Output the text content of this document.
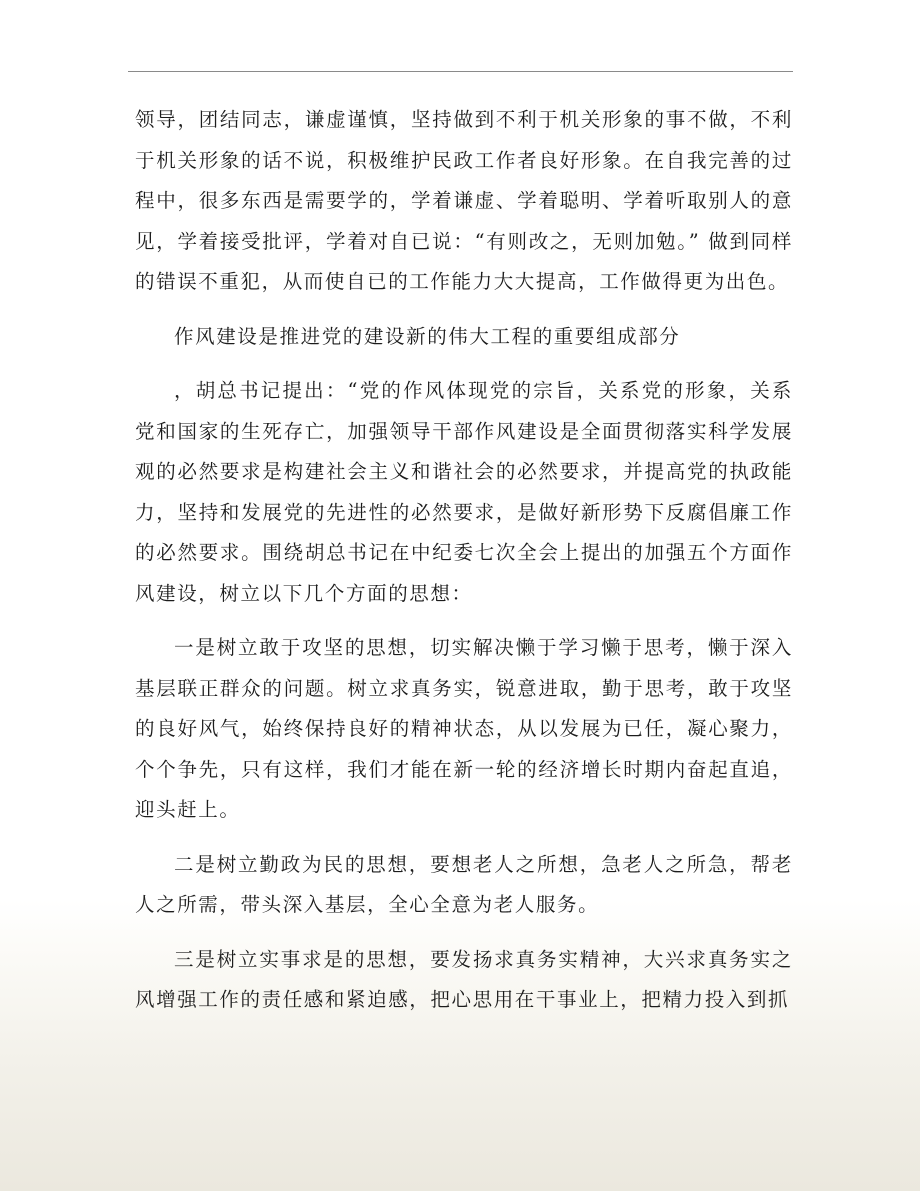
领导，团结同志，谦虚谨慎，坚持做到不利于机关形象的事不做，不利于机关形象的话不说，积极维护民政工作者良好形象。在自我完善的过程中，很多东西是需要学的，学着谦虚、学着聪明、学着听取别人的意见，学着接受批评，学着对自已说：“有则改之，无则加勉。” 做到同样的错误不重犯，从而使自已的工作能力大大提高，工作做得更为出色。

作风建设是推进党的建设新的伟大工程的重要组成部分

，胡总书记提出：“党的作风体现党的宗旨，关系党的形象，关系党和国家的生死存亡，加强领导干部作风建设是全面贯彻落实科学发展观的必然要求是构建社会主义和谐社会的必然要求，并提高党的执政能力，坚持和发展党的先进性的必然要求，是做好新形势下反腐倡廉工作的必然要求。围绕胡总书记在中纪委七次全会上提出的加强五个方面作风建设，树立以下几个方面的思想：

一是树立敢于攻坚的思想，切实解决懒于学习懒于思考，懒于深入基层联正群众的问题。树立求真务实，锐意进取，勤于思考，敢于攻坚的良好风气，始终保持良好的精神状态，从以发展为已任，凝心聚力，个个争先，只有这样，我们才能在新一轮的经济增长时期内奋起直追，迎头赶上。

二是树立勤政为民的思想，要想老人之所想，急老人之所急，帮老人之所需，带头深入基层，全心全意为老人服务。

三是树立实事求是的思想，要发扬求真务实精神，大兴求真务实之风增强工作的责任感和紧迫感，把心思用在干事业上，把精力投入到抓
